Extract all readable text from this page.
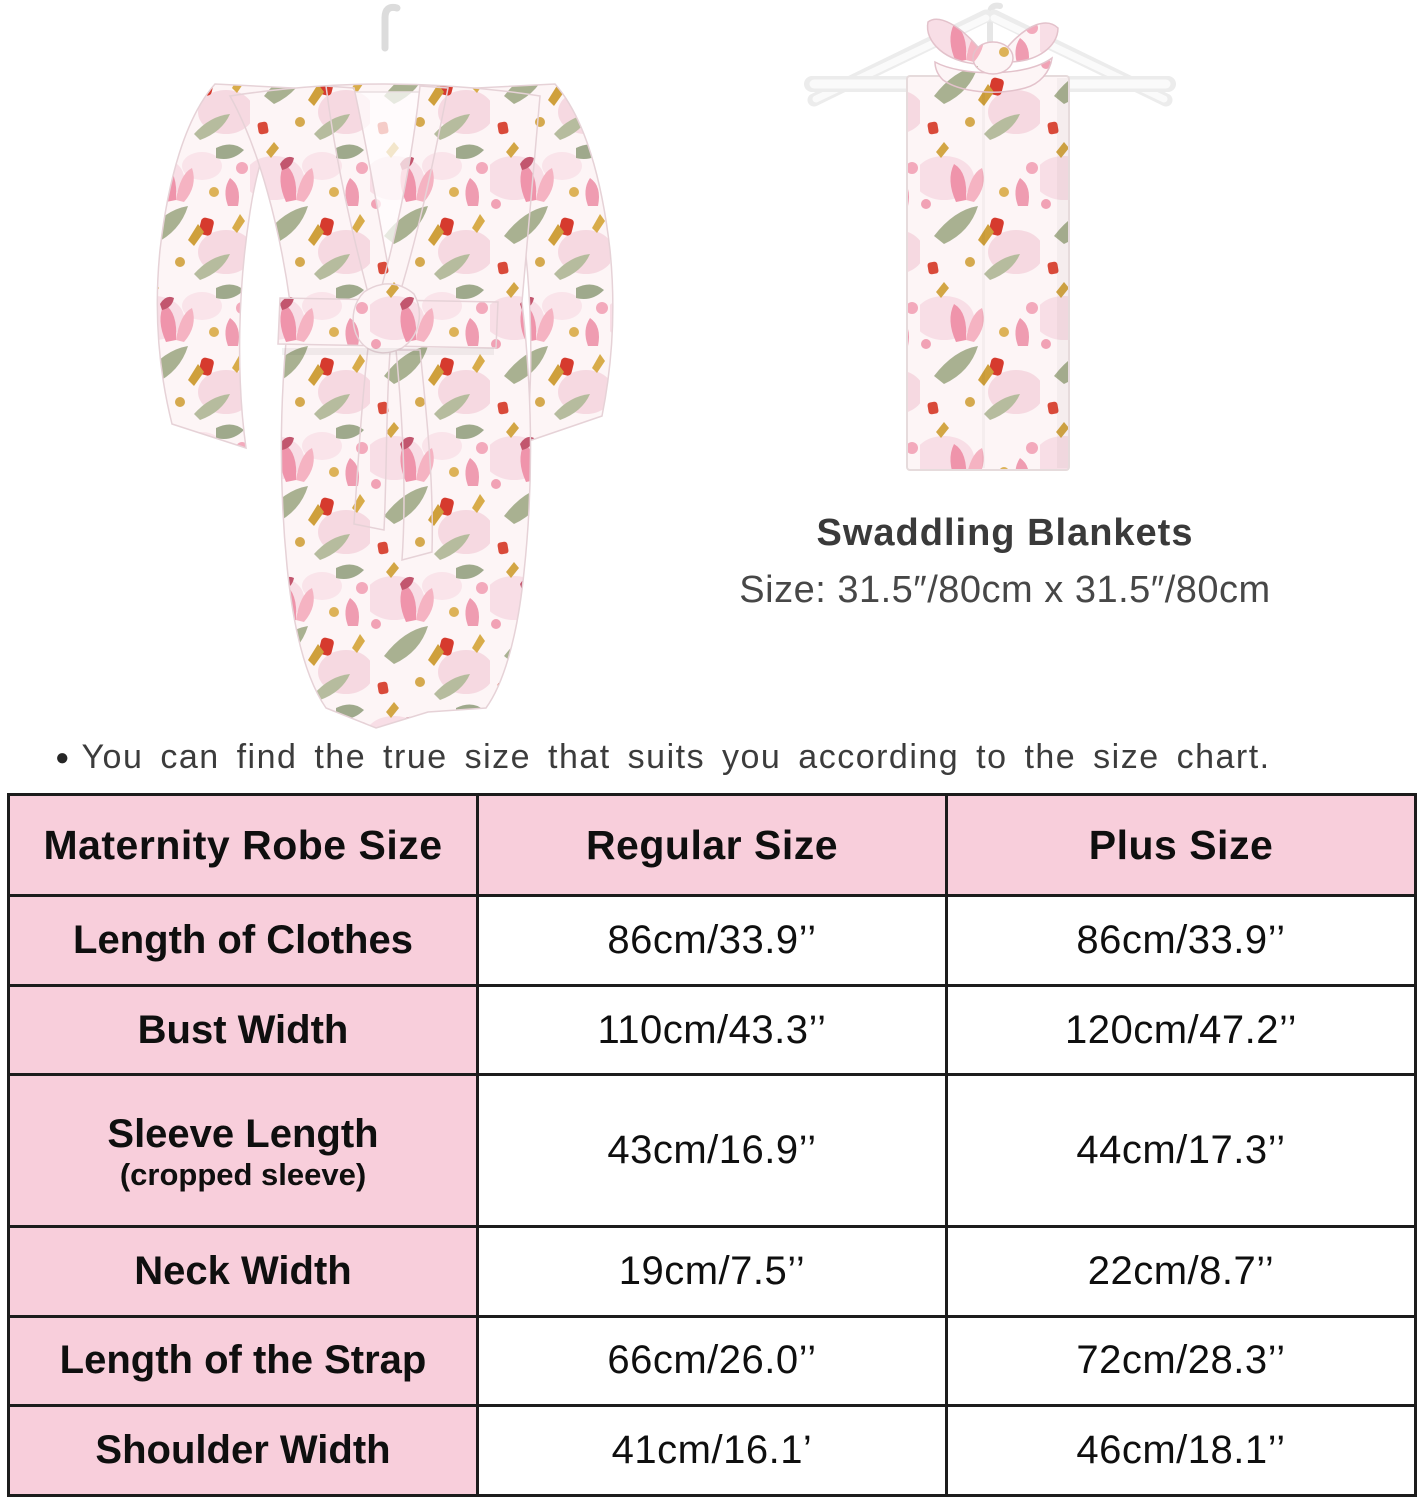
Swaddling Blankets
Size: 31.5″/80cm x 31.5″/80cm
● You can find the true size that suits you according to the size chart.
Maternity Robe Size	Regular Size	Plus Size
Length of Clothes	86cm/33.9’’	86cm/33.9’’
Bust Width	110cm/43.3’’	120cm/47.2’’
Sleeve Length
(cropped sleeve)	43cm/16.9’’	44cm/17.3’’
Neck Width	19cm/7.5’’	22cm/8.7’’
Length of the Strap	66cm/26.0’’	72cm/28.3’’
Shoulder Width	41cm/16.1’	46cm/18.1’’
